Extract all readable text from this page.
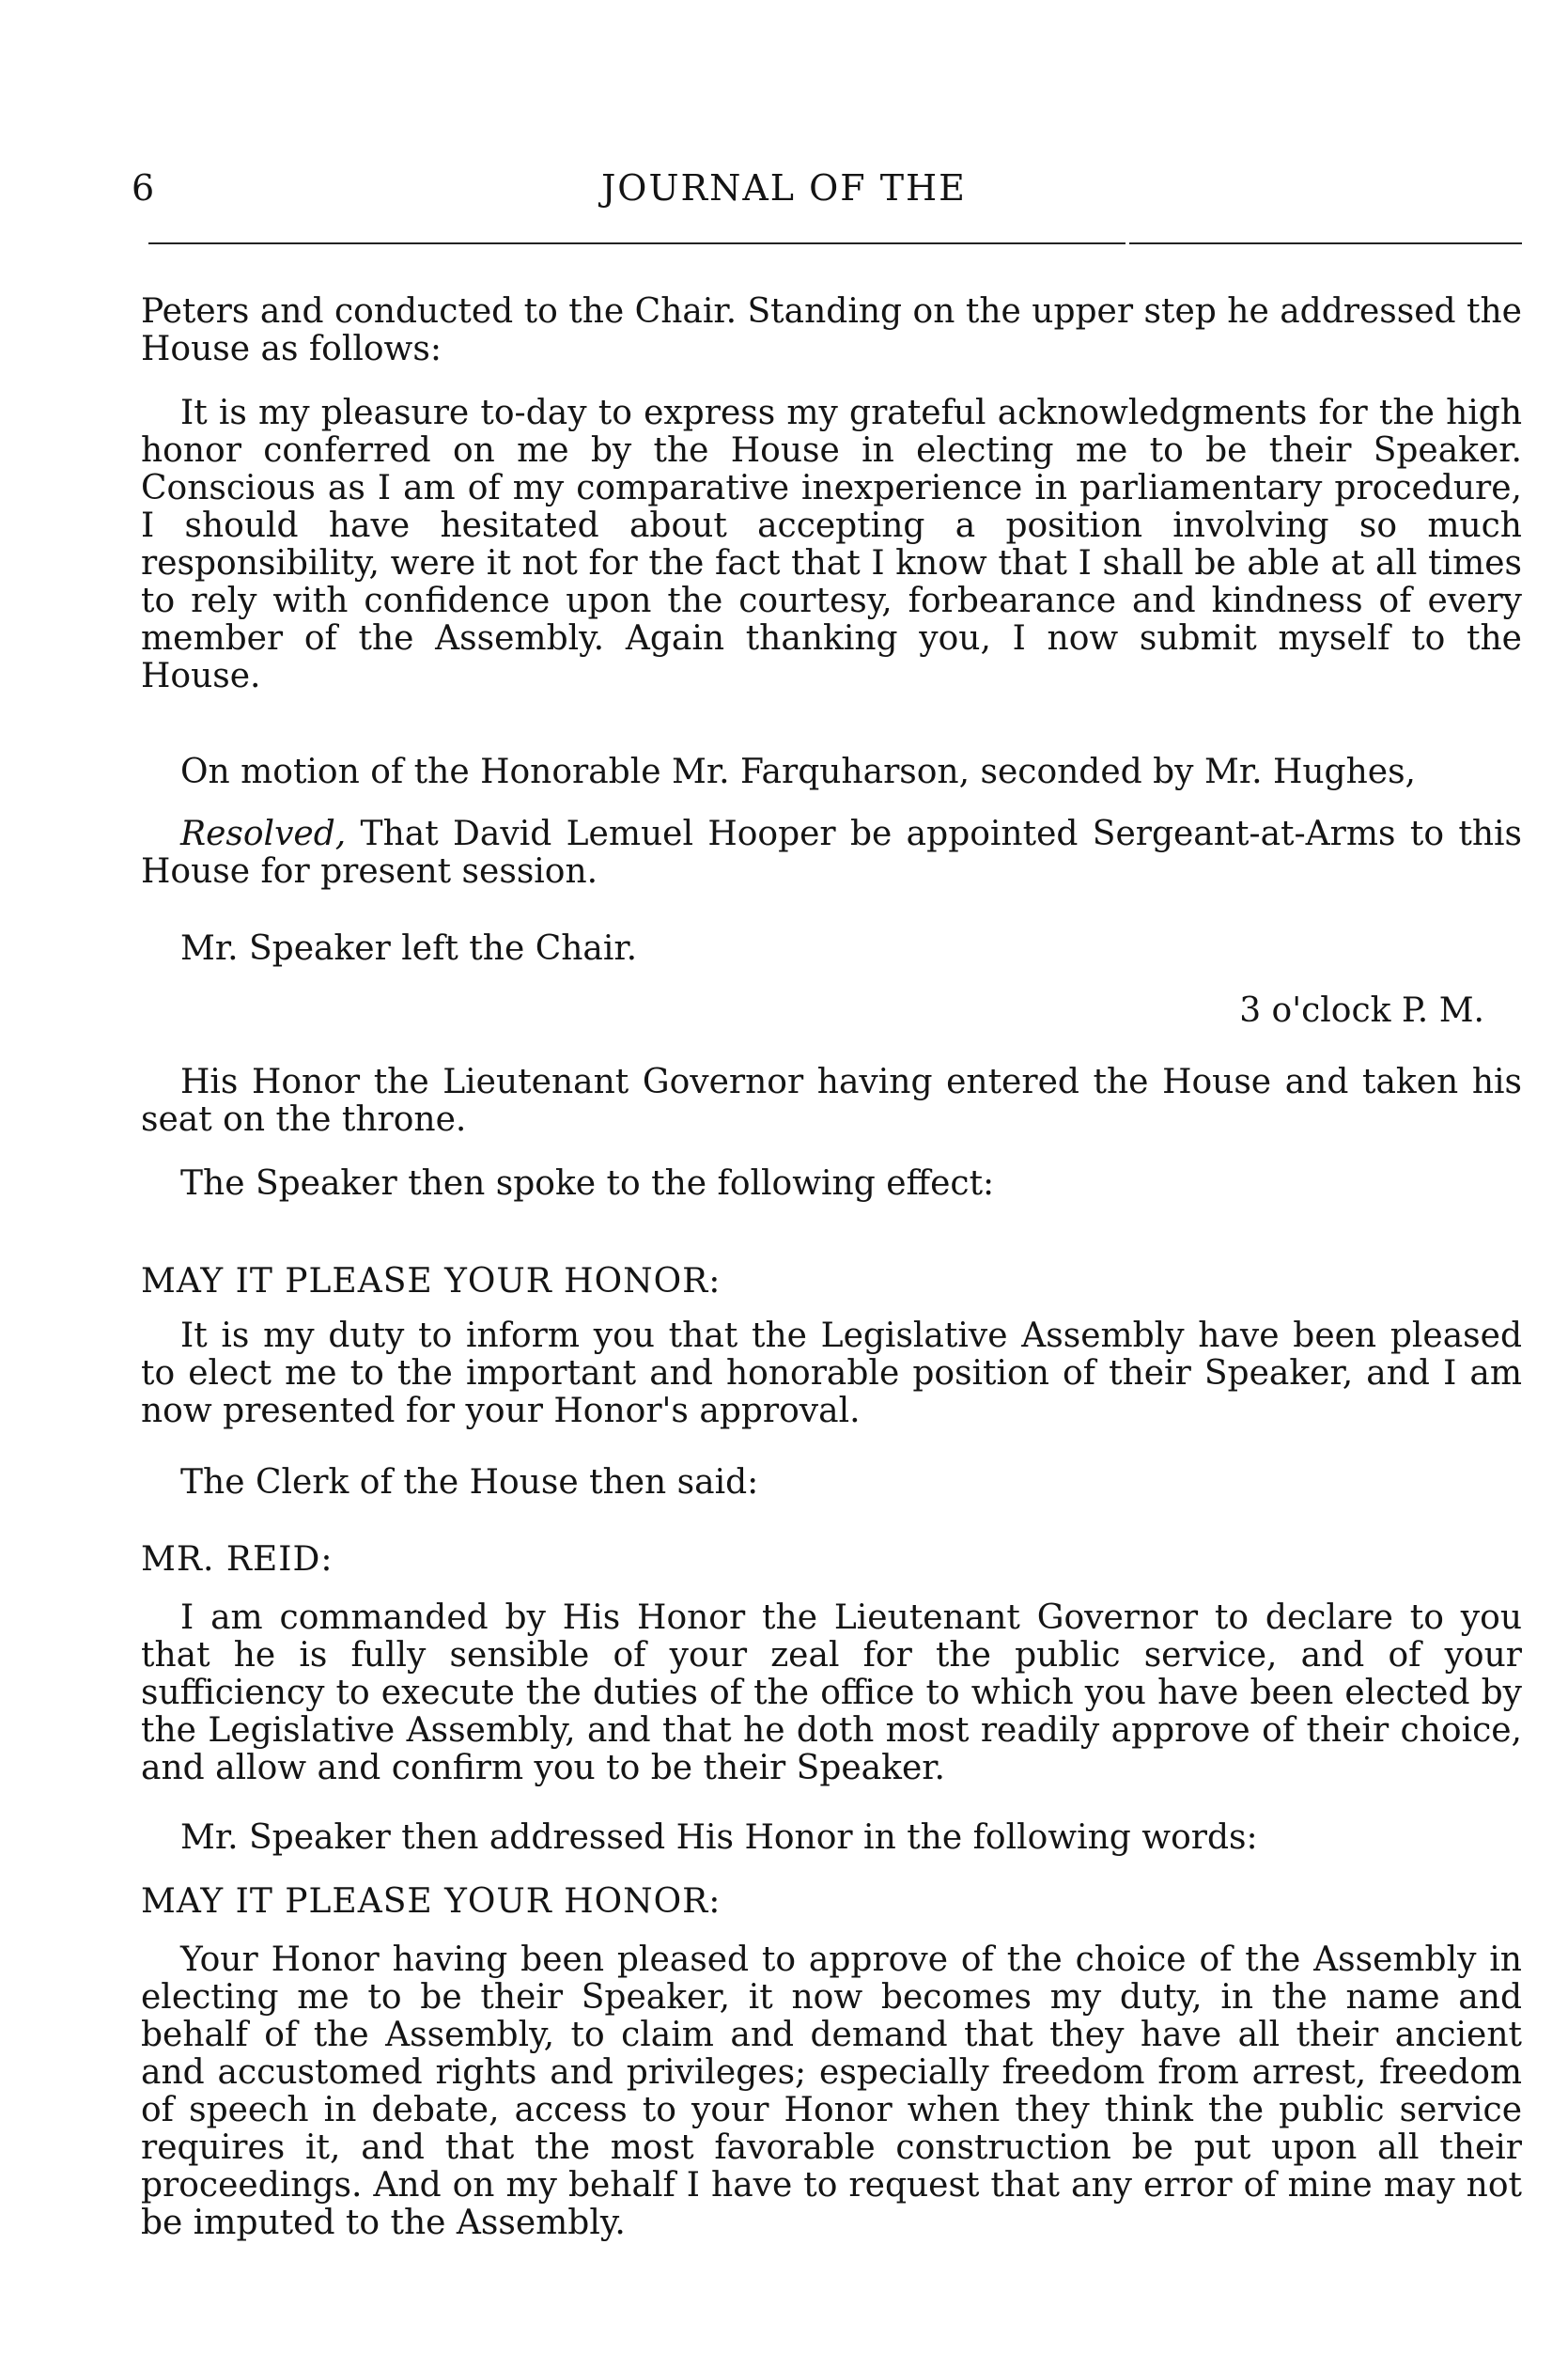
6	JOURNAL OF THE

Peters and conducted to the Chair. Standing on the upper step he addressed the House as follows:

It is my pleasure to-day to express my grateful acknowledgments for the high honor conferred on me by the House in electing me to be their Speaker. Conscious as I am of my comparative inexperience in parliamentary procedure, I should have hesitated about accepting a position involving so much responsibility, were it not for the fact that I know that I shall be able at all times to rely with confidence upon the courtesy, forbearance and kindness of every member of the Assembly. Again thanking you, I now submit myself to the House.

On motion of the Honorable Mr. Farquharson, seconded by Mr. Hughes,

Resolved, That David Lemuel Hooper be appointed Sergeant-at-Arms to this House for present session.

Mr. Speaker left the Chair.

3 o'clock P. M.

His Honor the Lieutenant Governor having entered the House and taken his seat on the throne.

The Speaker then spoke to the following effect:

MAY IT PLEASE YOUR HONOR:

It is my duty to inform you that the Legislative Assembly have been pleased to elect me to the important and honorable position of their Speaker, and I am now presented for your Honor's approval.

The Clerk of the House then said:

MR. REID:

I am commanded by His Honor the Lieutenant Governor to declare to you that he is fully sensible of your zeal for the public service, and of your sufficiency to execute the duties of the office to which you have been elected by the Legislative Assembly, and that he doth most readily approve of their choice, and allow and confirm you to be their Speaker.

Mr. Speaker then addressed His Honor in the following words:

MAY IT PLEASE YOUR HONOR:

Your Honor having been pleased to approve of the choice of the Assembly in electing me to be their Speaker, it now becomes my duty, in the name and behalf of the Assembly, to claim and demand that they have all their ancient and accustomed rights and privileges; especially freedom from arrest, freedom of speech in debate, access to your Honor when they think the public service requires it, and that the most favorable construction be put upon all their proceedings. And on my behalf I have to request that any error of mine may not be imputed to the Assembly.
